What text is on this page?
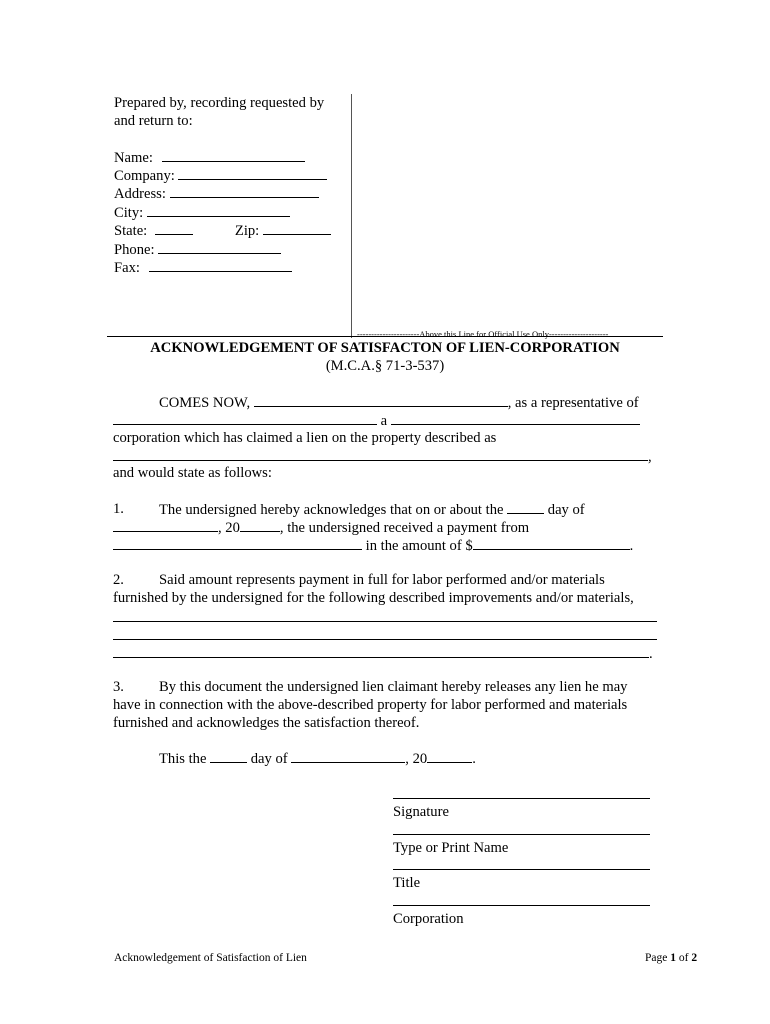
Prepared by, recording requested by
and return to:
Name:
Company:
Address:
City:
State:	Zip:
Phone:
Fax:
----------------------Above this Line for Official Use Only---------------------
ACKNOWLEDGEMENT OF SATISFACTON OF LIEN-CORPORATION
(M.C.A.§ 71-3-537)
COMES NOW,	, as a representative of
a
corporation which has claimed a lien on the property described as
,
and would state as follows:
1. The undersigned hereby acknowledges that on or about the	day of
, 20	, the undersigned received a payment from
in the amount of $	.
2. Said amount represents payment in full for labor performed and/or materials
furnished by the undersigned for the following described improvements and/or materials,
.
3. By this document the undersigned lien claimant hereby releases any lien he may
have in connection with the above-described property for labor performed and materials
furnished and acknowledges the satisfaction thereof.
This the	day of	, 20	.
Signature
Type or Print Name
Title
Corporation
Acknowledgement of Satisfaction of Lien	Page 1 of 2
